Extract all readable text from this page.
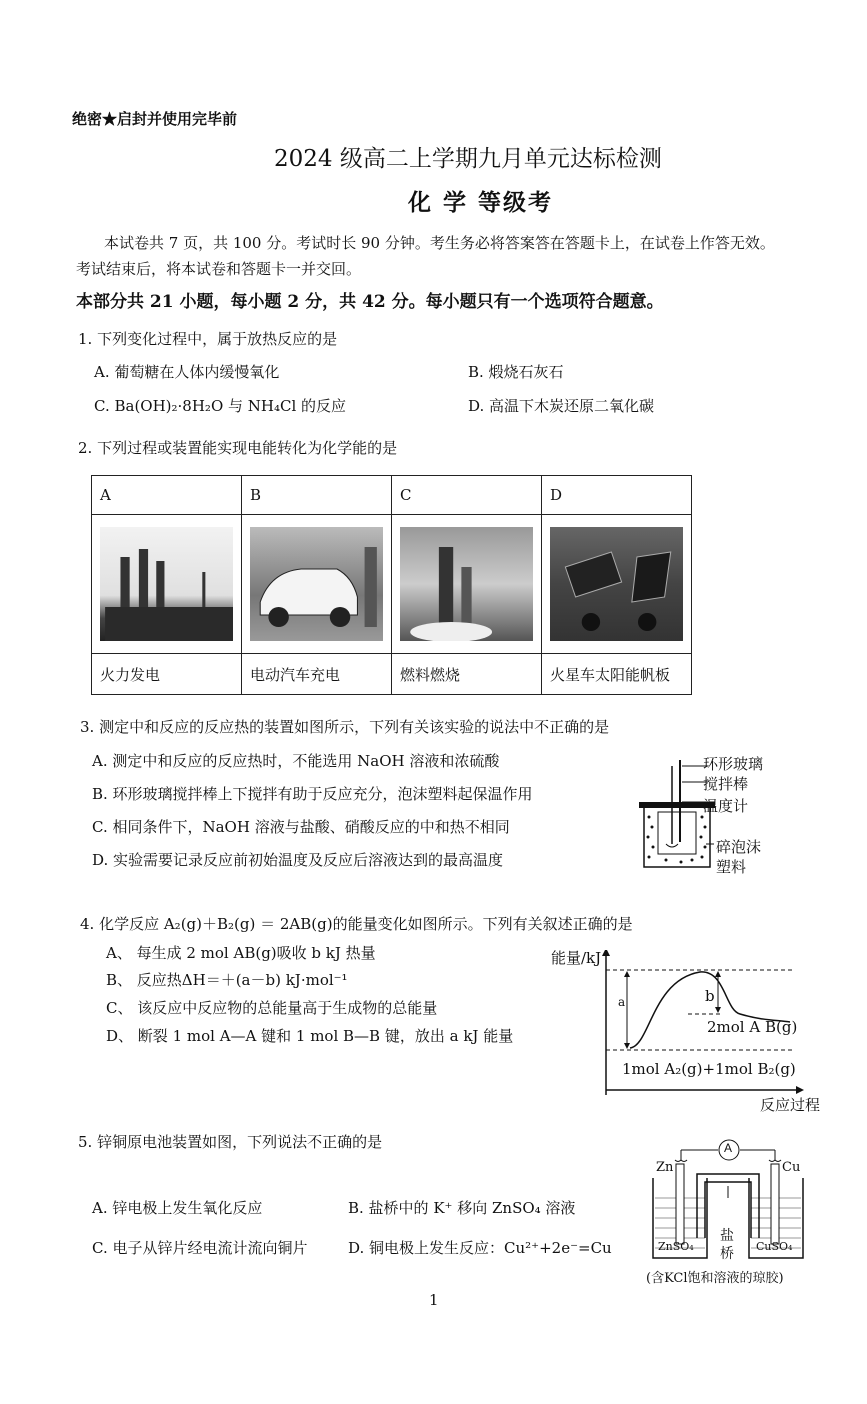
绝密★启封并使用完毕前
2024 级高二上学期九月单元达标检测
化 学 等级考
本试卷共 7 页，共 100 分。考试时长 90 分钟。考生务必将答案答在答题卡上，在试卷上作答无效。
考试结束后，将本试卷和答题卡一并交回。
本部分共 21 小题，每小题 2 分，共 42 分。每小题只有一个选项符合题意。
1. 下列变化过程中，属于放热反应的是
A. 葡萄糖在人体内缓慢氧化	B. 煅烧石灰石
C. Ba(OH)₂·8H₂O 与 NH₄Cl 的反应	D. 高温下木炭还原二氧化碳
2. 下列过程或装置能实现电能转化为化学能的是
A	B	C	D

火力发电	电动汽车充电	燃料燃烧	火星车太阳能帆板
3. 测定中和反应的反应热的装置如图所示，下列有关该实验的说法中不正确的是
A. 测定中和反应的反应热时，不能选用 NaOH 溶液和浓硫酸
B. 环形玻璃搅拌棒上下搅拌有助于反应充分，泡沫塑料起保温作用
C. 相同条件下，NaOH 溶液与盐酸、硝酸反应的中和热不相同
D. 实验需要记录反应前初始温度及反应后溶液达到的最高温度
环形玻璃
搅拌棒
温度计
碎泡沫
塑料
4. 化学反应 A₂(g)＋B₂(g) ＝ 2AB(g)的能量变化如图所示。下列有关叙述正确的是
A、 每生成 2 mol AB(g)吸收 b kJ 热量
B、 反应热ΔH＝＋(a－b) kJ·mol⁻¹
C、 该反应中反应物的总能量高于生成物的总能量
D、 断裂 1 mol A—A 键和 1 mol B—B 键，放出 a kJ 能量
能量/kJ
a	b
2mol A B(g)
1mol A₂(g)+1mol B₂(g)
反应过程
5. 锌铜原电池装置如图，下列说法不正确的是
A. 锌电极上发生氧化反应	B. 盐桥中的 K⁺ 移向 ZnSO₄ 溶液
C. 电子从锌片经电流计流向铜片	D. 铜电极上发生反应：Cu²⁺+2e⁻=Cu
A
Zn	Cu
盐
桥
ZnSO₄	CuSO₄
(含KCl饱和溶液的琼胶)
1
